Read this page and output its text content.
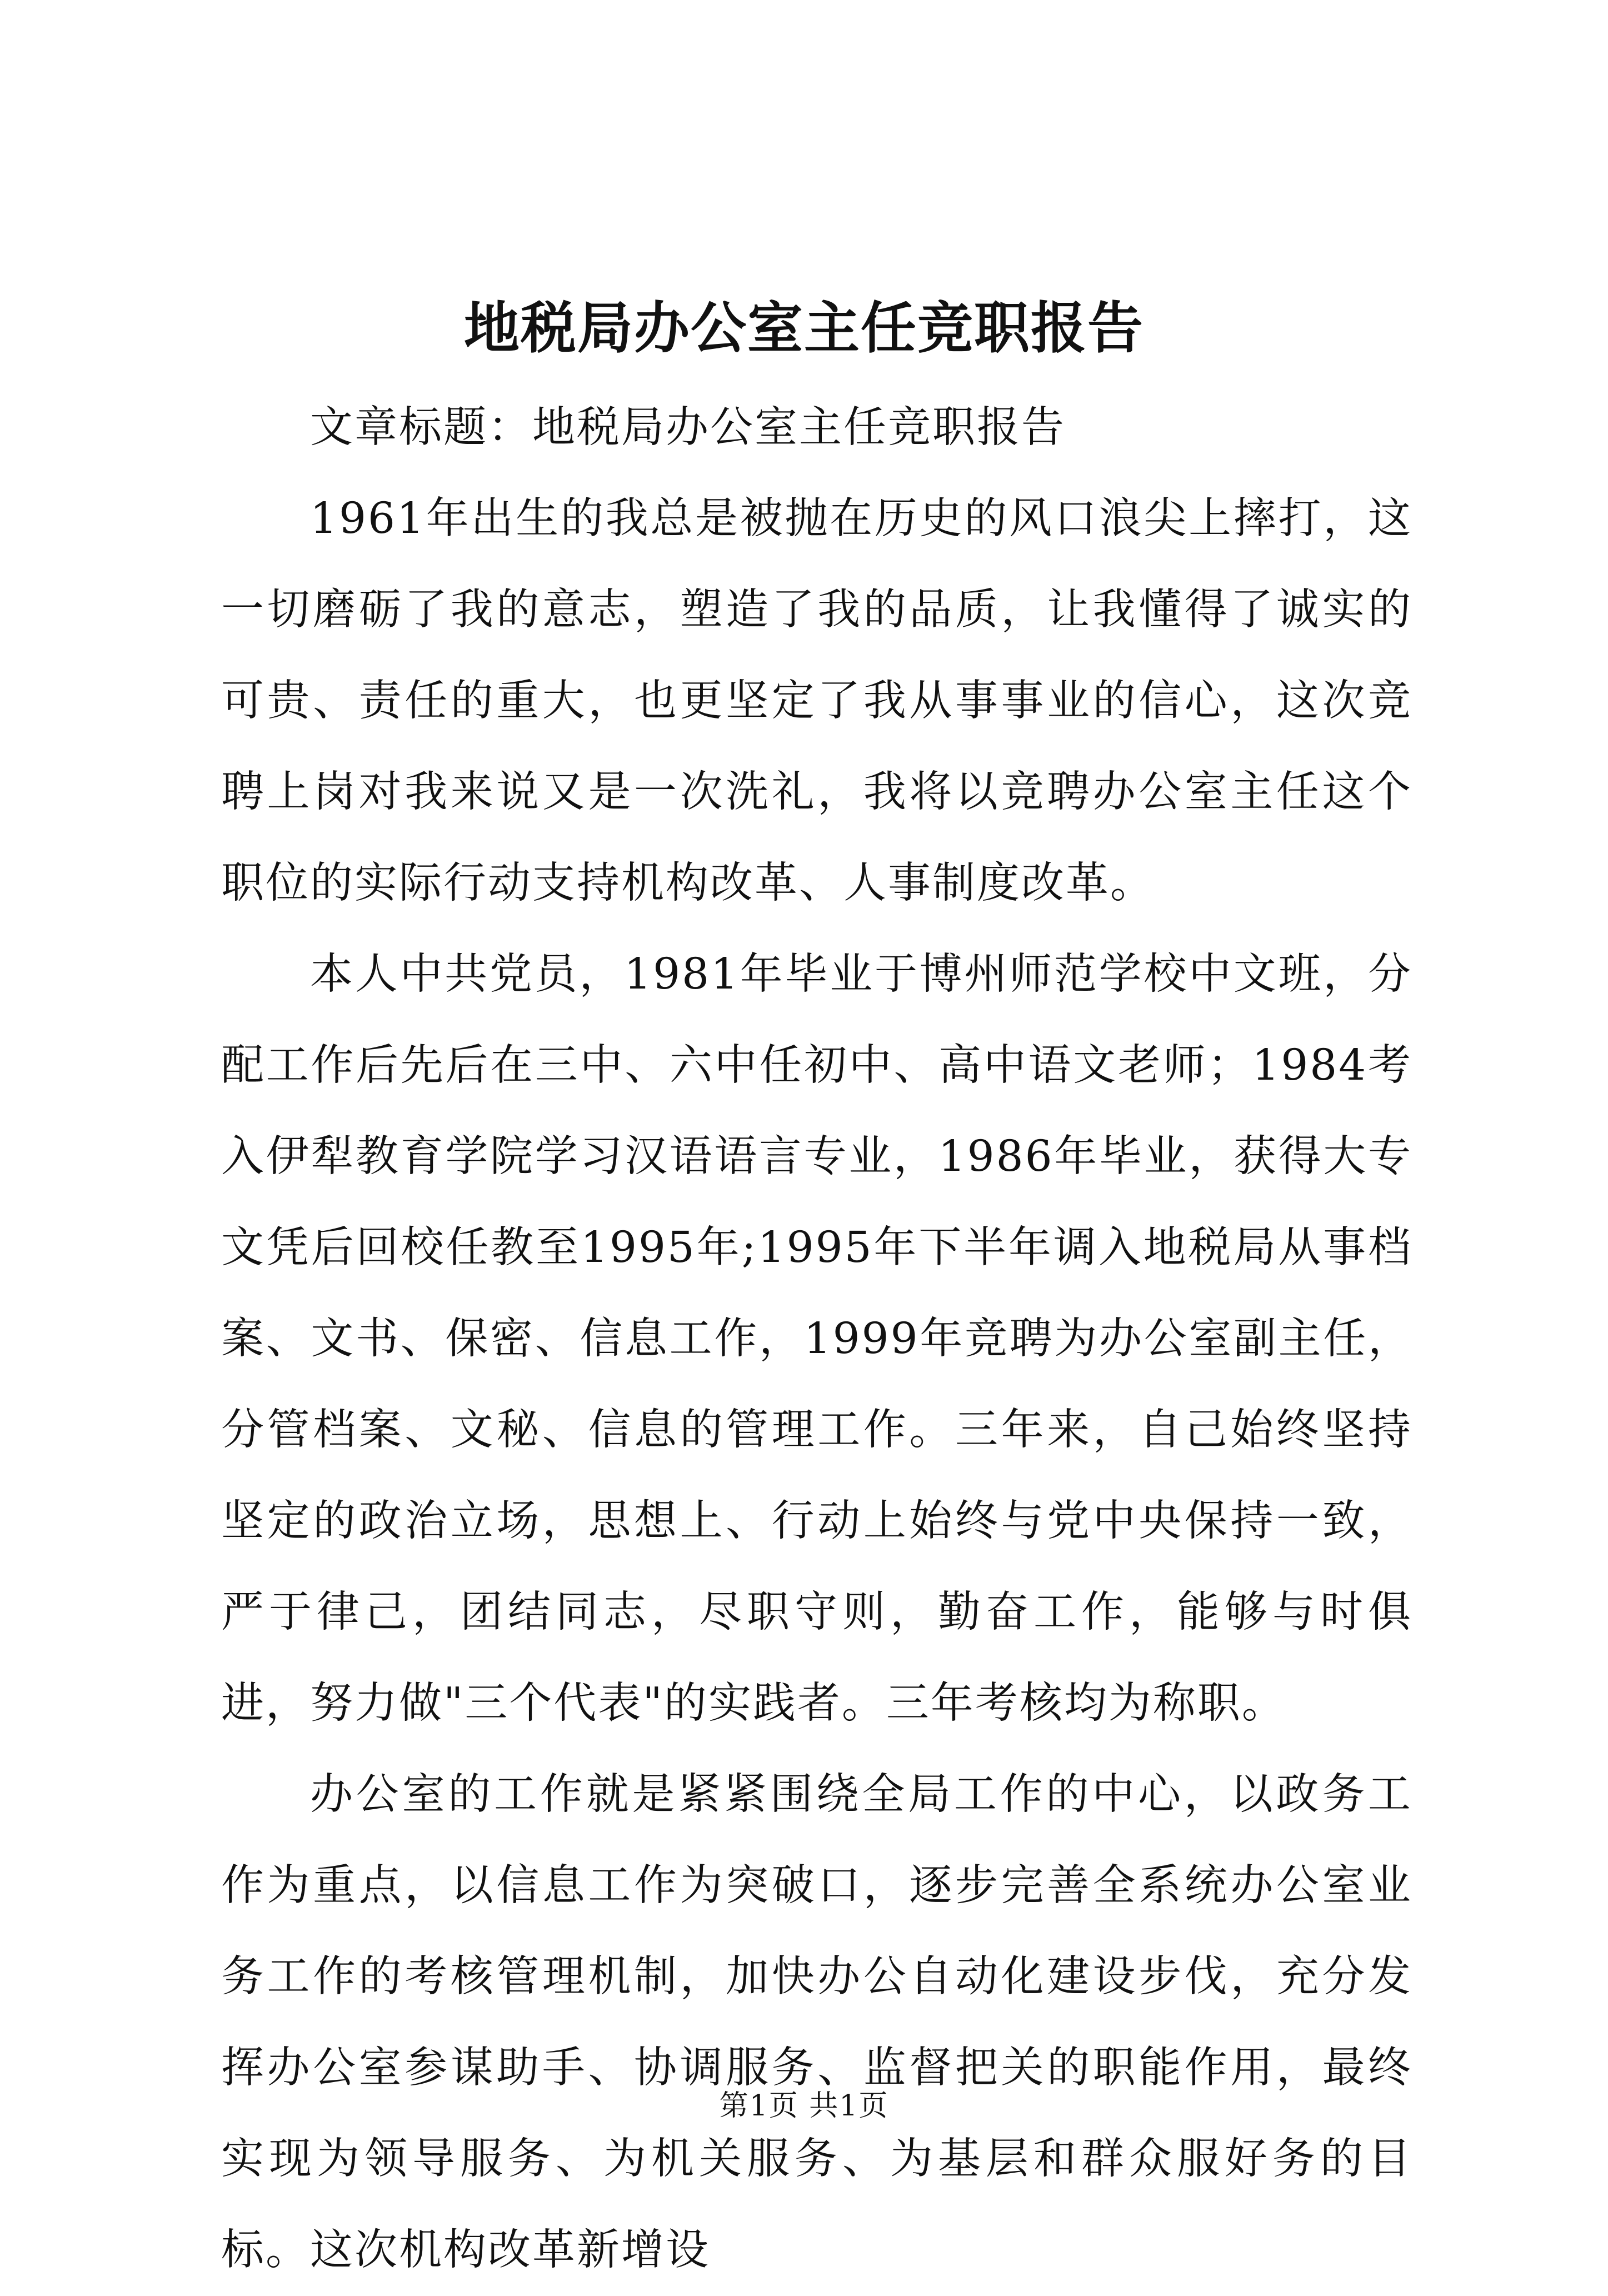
地税局办公室主任竞职报告

文章标题：地税局办公室主任竞职报告

1961年出生的我总是被抛在历史的风口浪尖上摔打，这一切磨砺了我的意志，塑造了我的品质，让我懂得了诚实的可贵、责任的重大，也更坚定了我从事事业的信心，这次竞聘上岗对我来说又是一次洗礼，我将以竞聘办公室主任这个职位的实际行动支持机构改革、人事制度改革。

本人中共党员，1981年毕业于博州师范学校中文班，分配工作后先后在三中、六中任初中、高中语文老师；1984考入伊犁教育学院学习汉语语言专业，1986年毕业，获得大专文凭后回校任教至1995年;1995年下半年调入地税局从事档案、文书、保密、信息工作，1999年竞聘为办公室副主任，分管档案、文秘、信息的管理工作。三年来，自己始终坚持坚定的政治立场，思想上、行动上始终与党中央保持一致，严于律己，团结同志，尽职守则，勤奋工作，能够与时俱进，努力做"三个代表"的实践者。三年考核均为称职。

办公室的工作就是紧紧围绕全局工作的中心，以政务工作为重点，以信息工作为突破口，逐步完善全系统办公室业务工作的考核管理机制，加快办公自动化建设步伐，充分发挥办公室参谋助手、协调服务、监督把关的职能作用，最终实现为领导服务、为机关服务、为基层和群众服好务的目标。这次机构改革新增设

第1页 共1页
